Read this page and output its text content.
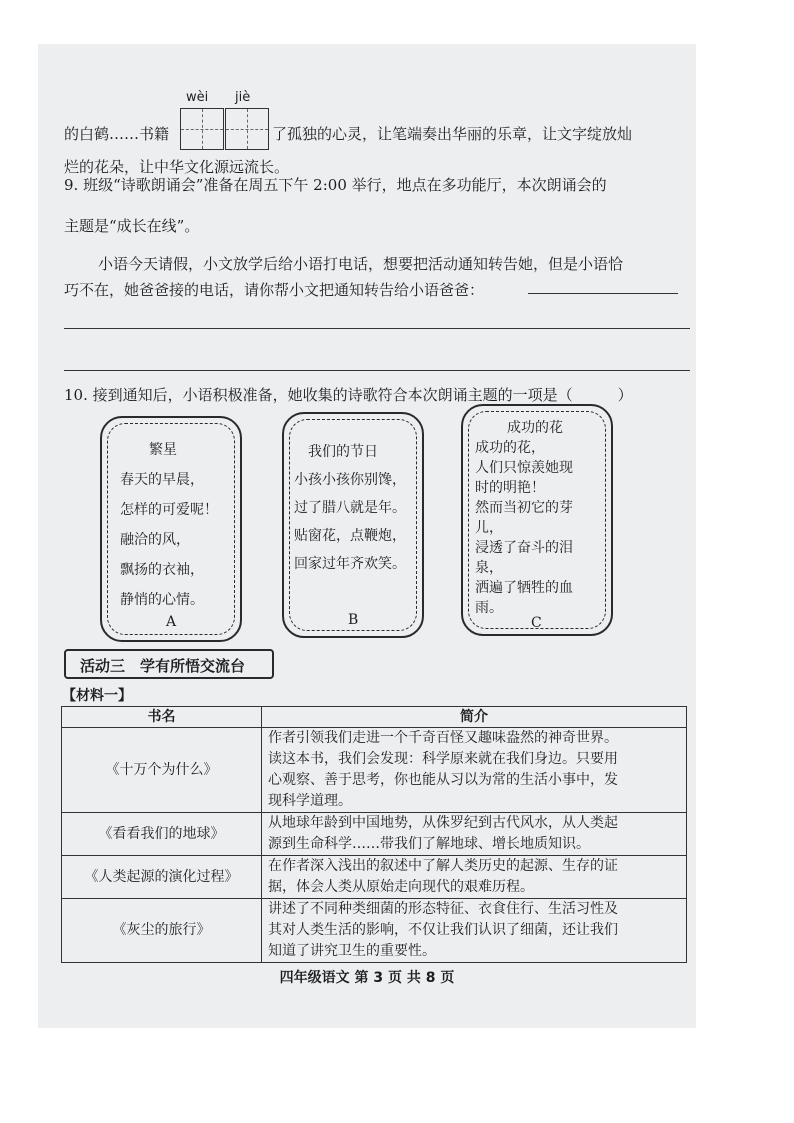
wèi jiè
的白鹤……书籍	了孤独的心灵，让笔端奏出华丽的乐章，让文字绽放灿
烂的花朵，让中华文化源远流长。
9. 班级“诗歌朗诵会”准备在周五下午 2:00 举行，地点在多功能厅，本次朗诵会的
主题是“成长在线”。
小语今天请假，小文放学后给小语打电话，想要把活动通知转告她，但是小语恰
巧不在，她爸爸接的电话，请你帮小文把通知转告给小语爸爸：
10. 接到通知后，小语积极准备，她收集的诗歌符合本次朗诵主题的一项是（　　　）
繁星
春天的早晨，
怎样的可爱呢！
融洽的风，
飘扬的衣袖，
静悄的心情。
A
我们的节日
小孩小孩你别馋，
过了腊八就是年。
贴窗花，点鞭炮，
回家过年齐欢笑。
B
成功的花
成功的花，
人们只惊羡她现
时的明艳！
然而当初它的芽
儿，
浸透了奋斗的泪
泉，
洒遍了牺牲的血
雨。
C
活动三　学有所悟交流台
【材料一】
书名	简介
《十万个为什么》	作者引领我们走进一个千奇百怪又趣味盎然的神奇世界。
读这本书，我们会发现：科学原来就在我们身边。只要用
心观察、善于思考，你也能从习以为常的生活小事中，发
现科学道理。

《看看我们的地球》	从地球年龄到中国地势，从侏罗纪到古代风水，从人类起
源到生命科学……带我们了解地球、增长地质知识。

《人类起源的演化过程》	在作者深入浅出的叙述中了解人类历史的起源、生存的证
据，体会人类从原始走向现代的艰难历程。

《灰尘的旅行》	讲述了不同种类细菌的形态特征、衣食住行、生活习性及
其对人类生活的影响，不仅让我们认识了细菌，还让我们
知道了讲究卫生的重要性。
四年级语文 第 3 页 共 8 页
